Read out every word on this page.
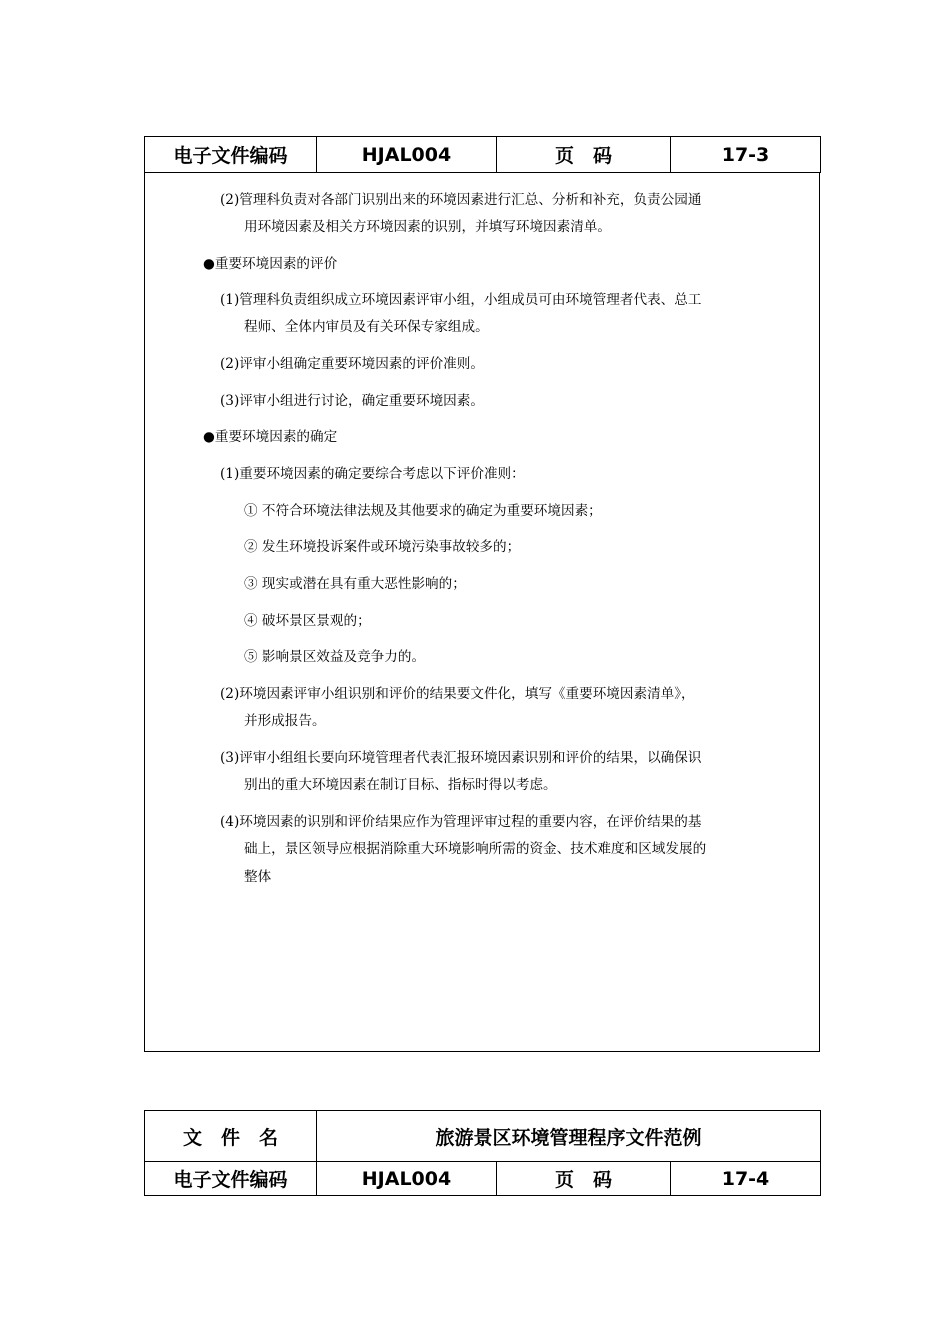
电子文件编码	HJAL004	页　码	17-3
(2)管理科负责对各部门识别出来的环境因素进行汇总、分析和补充，负责公园通
用环境因素及相关方环境因素的识别，并填写环境因素清单。
●重要环境因素的评价
(1)管理科负责组织成立环境因素评审小组，小组成员可由环境管理者代表、总工
程师、全体内审员及有关环保专家组成。
(2)评审小组确定重要环境因素的评价准则。
(3)评审小组进行讨论，确定重要环境因素。
●重要环境因素的确定
(1)重要环境因素的确定要综合考虑以下评价准则：
① 不符合环境法律法规及其他要求的确定为重要环境因素；
② 发生环境投诉案件或环境污染事故较多的；
③ 现实或潜在具有重大恶性影响的；
④ 破坏景区景观的；
⑤ 影响景区效益及竞争力的。
(2)环境因素评审小组识别和评价的结果要文件化，填写《重要环境因素清单》，
并形成报告。
(3)评审小组组长要向环境管理者代表汇报环境因素识别和评价的结果，以确保识
别出的重大环境因素在制订目标、指标时得以考虑。
(4)环境因素的识别和评价结果应作为管理评审过程的重要内容，在评价结果的基
础上，景区领导应根据消除重大环境影响所需的资金、技术难度和区域发展的
整体
文　件　名	旅游景区环境管理程序文件范例		
电子文件编码	HJAL004	页　码	17-4
